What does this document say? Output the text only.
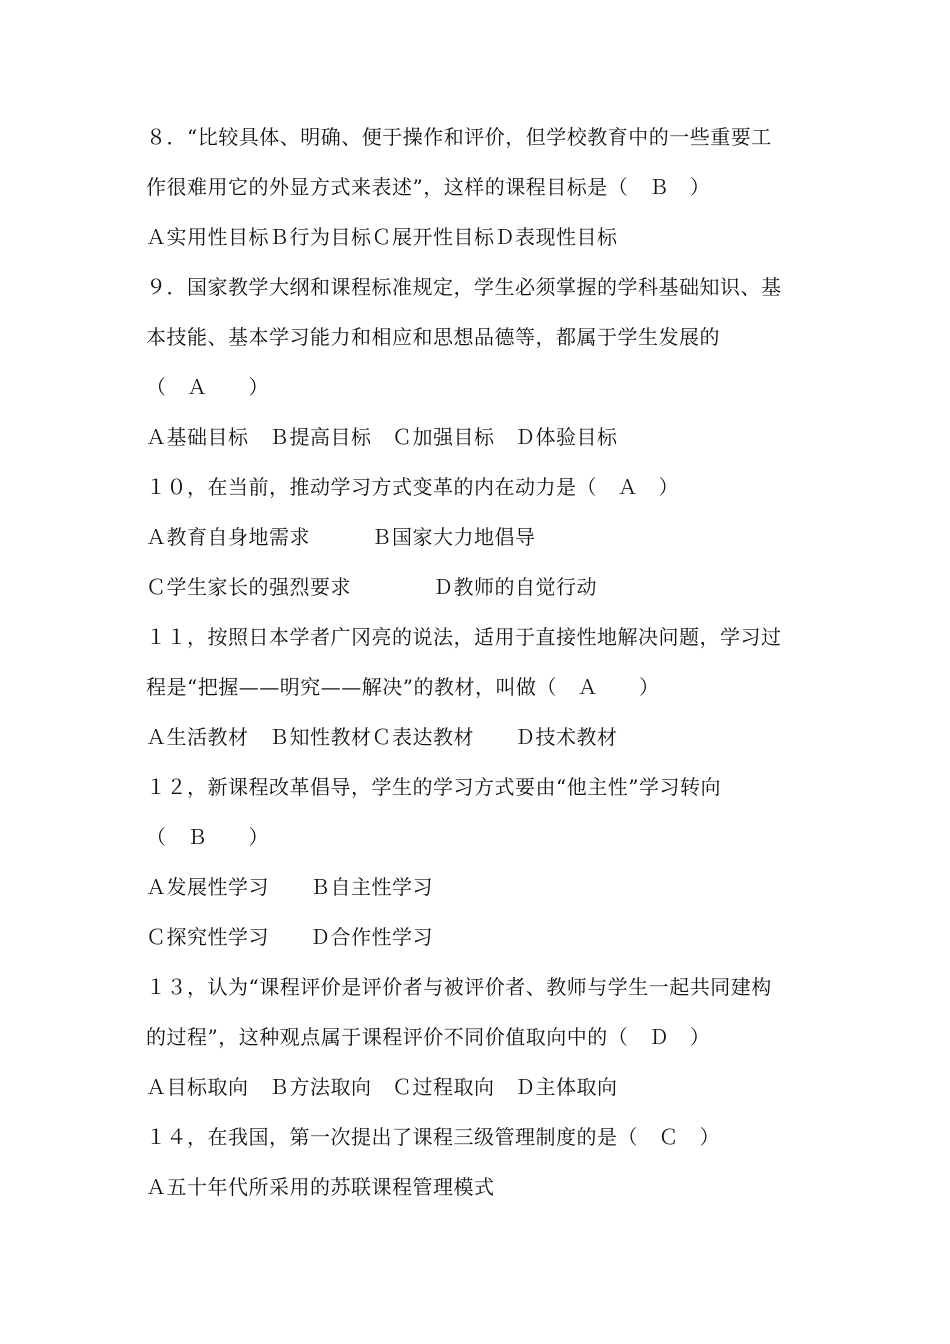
８．“比较具体、明确、便于操作和评价，但学校教育中的一些重要工
作很难用它的外显方式来表述”，这样的课程目标是（　Ｂ　）
Ａ实用性目标Ｂ行为目标Ｃ展开性目标Ｄ表现性目标
９．国家教学大纲和课程标准规定，学生必须掌握的学科基础知识、基
本技能、基本学习能力和相应和思想品德等，都属于学生发展的
（　Ａ　　）
Ａ基础目标　Ｂ提高目标　Ｃ加强目标　Ｄ体验目标
１０，在当前，推动学习方式变革的内在动力是（　Ａ　）
Ａ教育自身地需求　　　Ｂ国家大力地倡导
Ｃ学生家长的强烈要求　　　　Ｄ教师的自觉行动
１１，按照日本学者广冈亮的说法，适用于直接性地解决问题，学习过
程是“把握——明究——解决”的教材，叫做（　Ａ　　）
Ａ生活教材　Ｂ知性教材Ｃ表达教材　　Ｄ技术教材
１２，新课程改革倡导，学生的学习方式要由“他主性”学习转向
（　Ｂ　　）
Ａ发展性学习　　Ｂ自主性学习
Ｃ探究性学习　　Ｄ合作性学习
１３，认为“课程评价是评价者与被评价者、教师与学生一起共同建构
的过程”，这种观点属于课程评价不同价值取向中的（　Ｄ　）
Ａ目标取向　Ｂ方法取向　Ｃ过程取向　Ｄ主体取向
１４，在我国，第一次提出了课程三级管理制度的是（　Ｃ　）
Ａ五十年代所采用的苏联课程管理模式
